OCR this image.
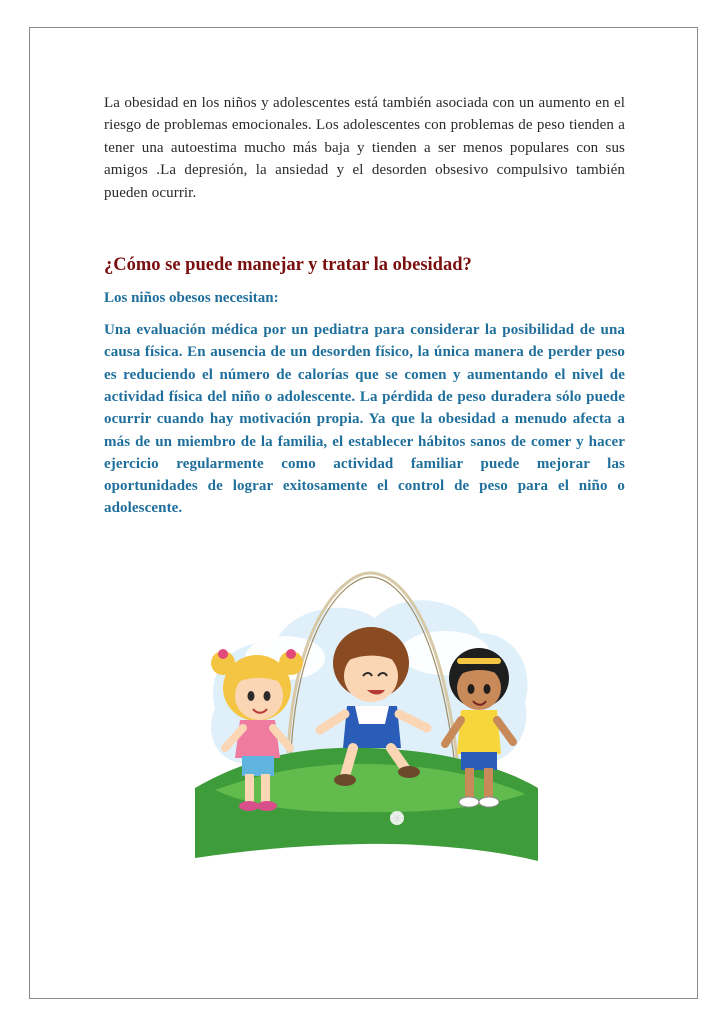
La obesidad en los niños y adolescentes está también asociada con un aumento en el riesgo de problemas emocionales. Los adolescentes con problemas de peso tienden a tener una autoestima mucho más baja y tienden a ser menos populares con sus amigos .La depresión, la ansiedad y el desorden obsesivo compulsivo también pueden ocurrir.

¿Cómo se puede manejar y tratar la obesidad?

Los niños obesos necesitan:

Una evaluación médica por un pediatra para considerar la posibilidad de una causa física. En ausencia de un desorden físico, la única manera de perder peso es reduciendo el número de calorías que se comen y aumentando el nivel de actividad física del niño o adolescente. La pérdida de peso duradera sólo puede ocurrir cuando hay motivación propia. Ya que la obesidad a menudo afecta a más de un miembro de la familia, el establecer hábitos sanos de comer y hacer ejercicio regularmente como actividad familiar puede mejorar las oportunidades de lograr exitosamente el control de peso para el niño o adolescente.
